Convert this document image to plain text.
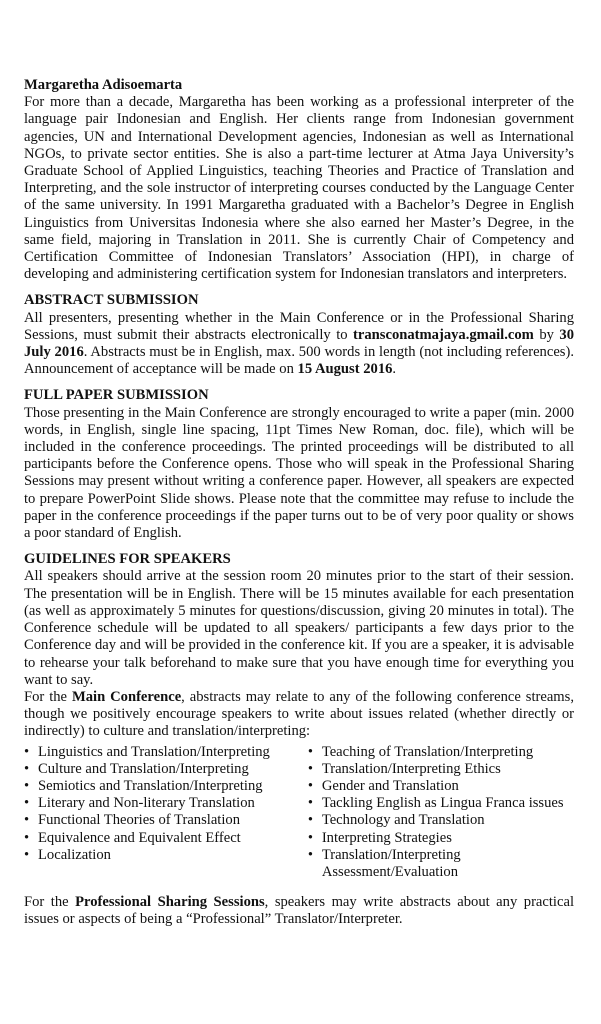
Margaretha Adisoemarta

For more than a decade, Margaretha has been working as a professional interpreter of the language pair Indonesian and English. Her clients range from Indonesian government agencies, UN and International Development agencies, Indonesian as well as International NGOs, to private sector entities. She is also a part-time lecturer at Atma Jaya University’s Graduate School of Applied Linguistics, teaching Theories and Practice of Translation and Interpreting, and the sole instructor of interpreting courses conducted by the Language Center of the same university. In 1991 Margaretha graduated with a Bachelor’s Degree in English Linguistics from Universitas Indonesia where she also earned her Master’s Degree, in the same field, majoring in Translation in 2011. She is currently Chair of Competency and Certification Committee of Indonesian Translators’ Association (HPI), in charge of developing and administering certification system for Indonesian translators and interpreters.

ABSTRACT SUBMISSION

All presenters, presenting whether in the Main Conference or in the Professional Sharing Sessions, must submit their abstracts electronically to transconatmajaya.gmail.com by 30 July 2016. Abstracts must be in English, max. 500 words in length (not including references). Announcement of acceptance will be made on 15 August 2016.

FULL PAPER SUBMISSION

Those presenting in the Main Conference are strongly encouraged to write a paper (min. 2000 words, in English, single line spacing, 11pt Times New Roman, doc. file), which will be included in the conference proceedings. The printed proceedings will be distributed to all participants before the Conference opens. Those who will speak in the Professional Sharing Sessions may present without writing a conference paper. However, all speakers are expected to prepare PowerPoint Slide shows. Please note that the committee may refuse to include the paper in the conference proceedings if the paper turns out to be of very poor quality or shows a poor standard of English.

GUIDELINES FOR SPEAKERS

All speakers should arrive at the session room 20 minutes prior to the start of their session. The presentation will be in English. There will be 15 minutes available for each presentation (as well as approximately 5 minutes for questions/discussion, giving 20 minutes in total). The Conference schedule will be updated to all speakers/ participants a few days prior to the Conference day and will be provided in the conference kit. If you are a speaker, it is advisable to rehearse your talk beforehand to make sure that you have enough time for everything you want to say.

For the Main Conference, abstracts may relate to any of the following conference streams, though we positively encourage speakers to write about issues related (whether directly or indirectly) to culture and translation/interpreting:

• Linguistics and Translation/Interpreting
• Culture and Translation/Interpreting
• Semiotics and Translation/Interpreting
• Literary and Non-literary Translation
• Functional Theories of Translation
• Equivalence and Equivalent Effect
• Localization
• Teaching of Translation/Interpreting
• Translation/Interpreting Ethics
• Gender and Translation
• Tackling English as Lingua Franca issues
• Technology and Translation
• Interpreting Strategies
• Translation/Interpreting Assessment/Evaluation

For the Professional Sharing Sessions, speakers may write abstracts about any practical issues or aspects of being a “Professional” Translator/Interpreter.
